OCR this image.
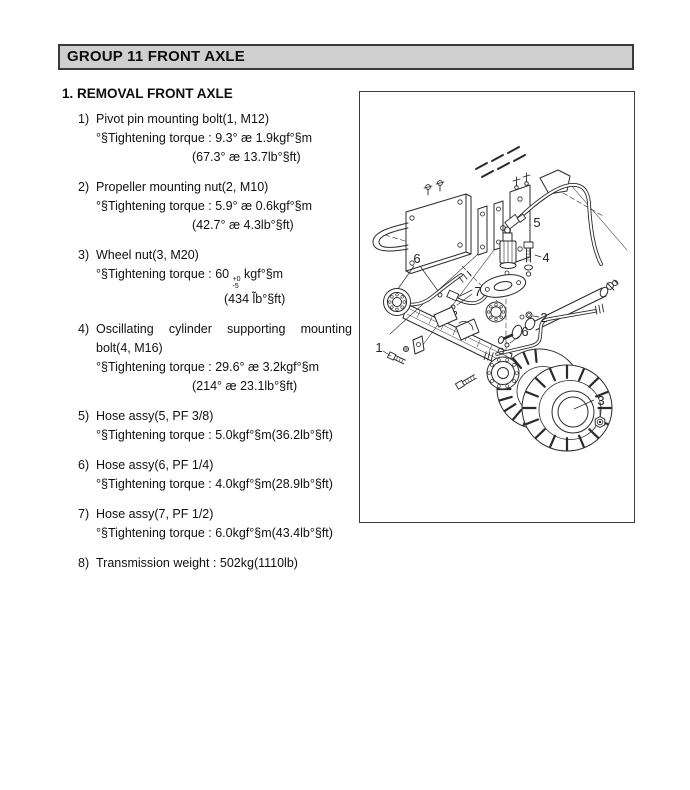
GROUP 11 FRONT AXLE
1. REMOVAL FRONT AXLE
1) Pivot pin mounting bolt(1, M12)
°§Tightening torque : 9.3° æ 1.9kgf°§m
(67.3° æ 13.7lb°§ft)
2) Propeller mounting nut(2, M10)
°§Tightening torque : 5.9° æ 0.6kgf°§m
(42.7° æ 4.3lb°§ft)
3) Wheel nut(3, M20)
°§Tightening torque : 60 +0
-5
kgf°§m
(434 l̃b°§ft)
4) Oscillating cylinder supporting mounting bolt(4, M16)
°§Tightening torque : 29.6° æ 3.2kgf°§m
(214° æ 23.1lb°§ft)
5) Hose assy(5, PF 3/8)
°§Tightening torque : 5.0kgf°§m(36.2lb°§ft)
6) Hose assy(6, PF 1/4)
°§Tightening torque : 4.0kgf°§m(28.9lb°§ft)
7) Hose assy(7, PF 1/2)
°§Tightening torque : 6.0kgf°§m(43.4lb°§ft)
8) Transmission weight : 502kg(1110lb)
1
2
3
4
5
6
6
7
